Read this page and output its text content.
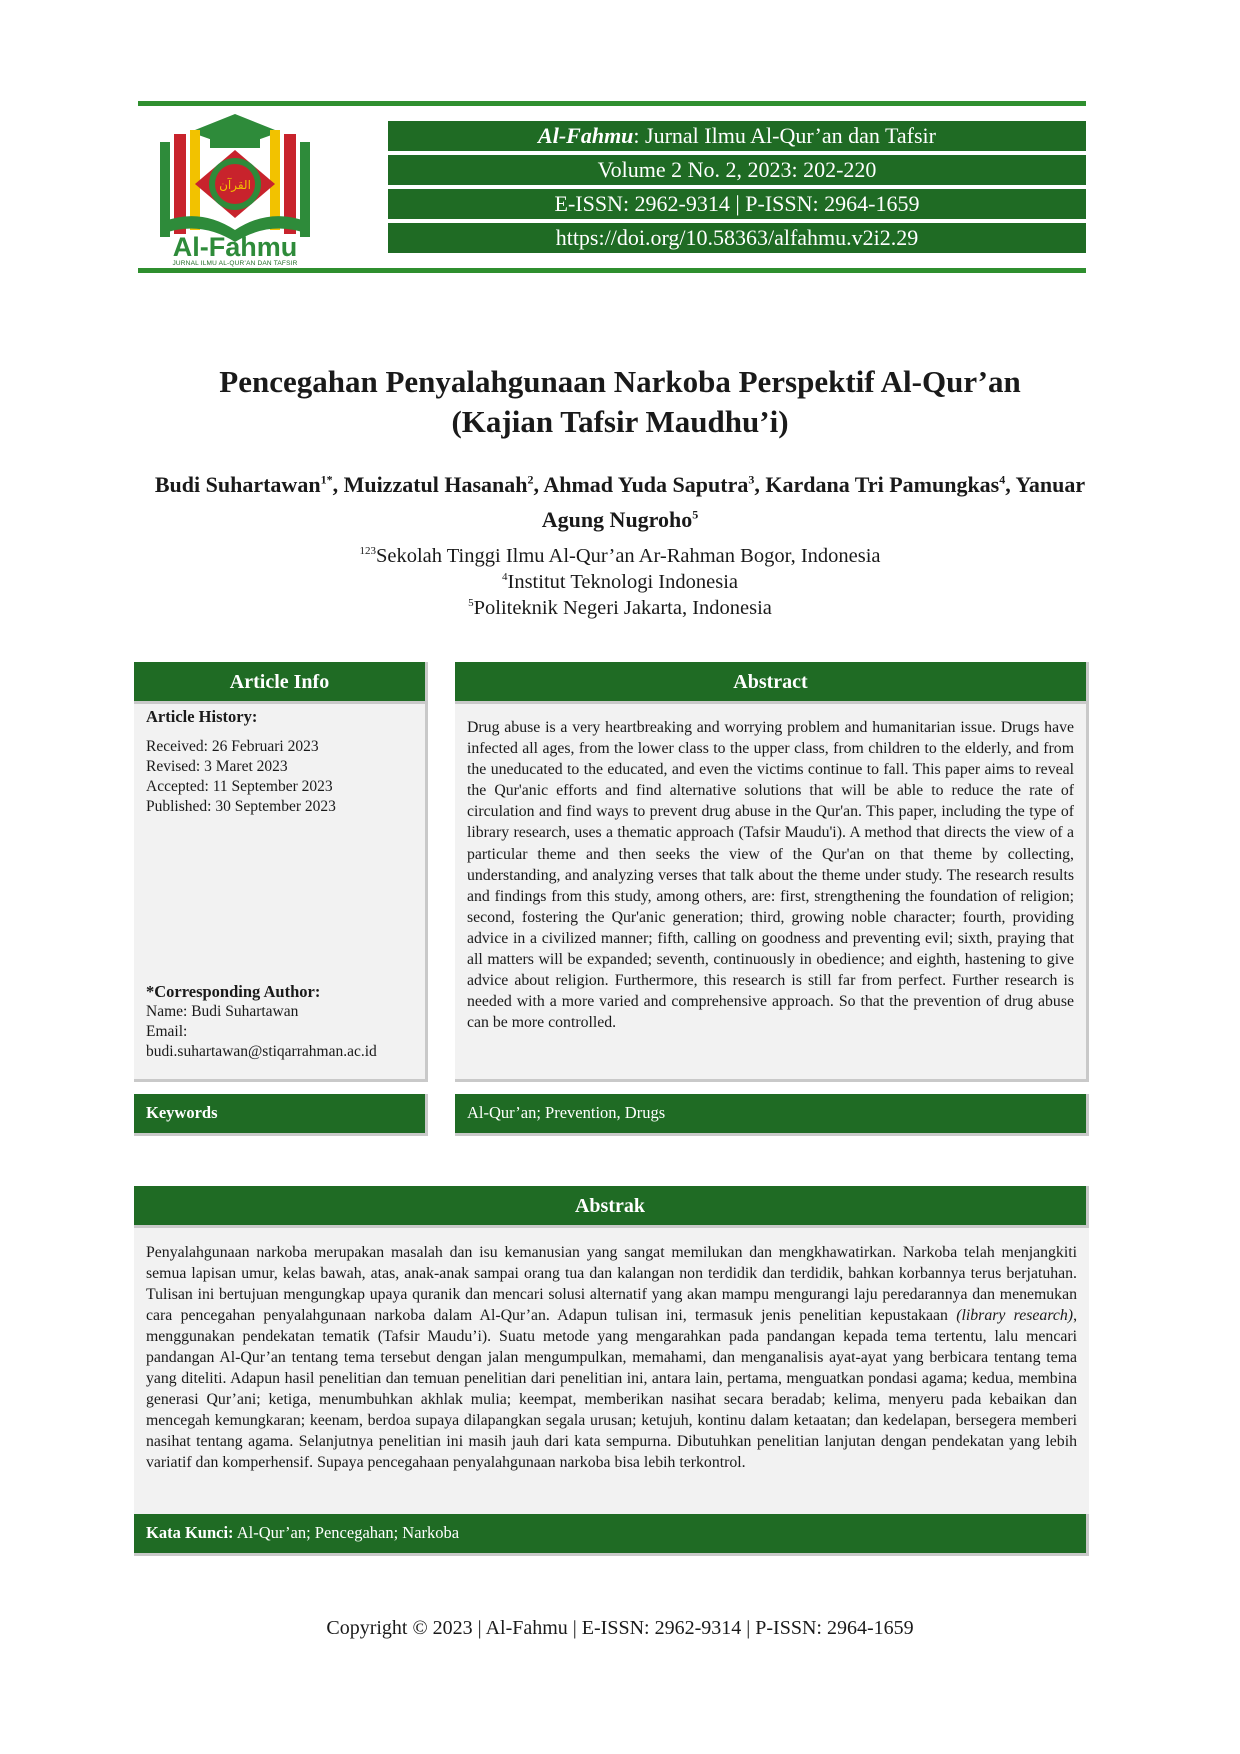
القرآن
Al-Fahmu
JURNAL ILMU AL-QUR’AN DAN TAFSIR
Al-Fahmu: Jurnal Ilmu Al-Qur’an dan Tafsir
Volume 2 No. 2, 2023: 202-220
E-ISSN: 2962-9314 | P-ISSN: 2964-1659
https://doi.org/10.58363/alfahmu.v2i2.29
Pencegahan Penyalahgunaan Narkoba Perspektif Al-Qur’an
(Kajian Tafsir Maudhu’i)
Budi Suhartawan$^{1*}$, Muizzatul Hasanah$^2$, Ahmad Yuda Saputra$^3$, Kardana Tri Pamungkas$^4$, Yanuar Agung Nugroho$^5$
$^{123}$Sekolah Tinggi Ilmu Al-Qur’an Ar-Rahman Bogor, Indonesia
$^4$Institut Teknologi Indonesia
$^5$Politeknik Negeri Jakarta, Indonesia
Article Info
Article History:
Received: 26 Februari 2023
Revised: 3 Maret 2023
Accepted: 11 September 2023
Published: 30 September 2023
*Corresponding Author:
Name: Budi Suhartawan
Email:
budi.suhartawan@stiqarrahman.ac.id
Keywords
Abstract
Drug abuse is a very heartbreaking and worrying problem and humanitarian issue. Drugs have infected all ages, from the lower class to the upper class, from children to the elderly, and from the uneducated to the educated, and even the victims continue to fall. This paper aims to reveal the Qur'anic efforts and find alternative solutions that will be able to reduce the rate of circulation and find ways to prevent drug abuse in the Qur'an. This paper, including the type of library research, uses a thematic approach (Tafsir Maudu'i). A method that directs the view of a particular theme and then seeks the view of the Qur'an on that theme by collecting, understanding, and analyzing verses that talk about the theme under study. The research results and findings from this study, among others, are: first, strengthening the foundation of religion; second, fostering the Qur'anic generation; third, growing noble character; fourth, providing advice in a civilized manner; fifth, calling on goodness and preventing evil; sixth, praying that all matters will be expanded; seventh, continuously in obedience; and eighth, hastening to give advice about religion. Furthermore, this research is still far from perfect. Further research is needed with a more varied and comprehensive approach. So that the prevention of drug abuse can be more controlled.
Al-Qur’an; Prevention, Drugs
Abstrak
Penyalahgunaan narkoba merupakan masalah dan isu kemanusian yang sangat memilukan dan mengkhawatirkan. Narkoba telah menjangkiti semua lapisan umur, kelas bawah, atas, anak-anak sampai orang tua dan kalangan non terdidik dan terdidik, bahkan korbannya terus berjatuhan. Tulisan ini bertujuan mengungkap upaya quranik dan mencari solusi alternatif yang akan mampu mengurangi laju peredarannya dan menemukan cara pencegahan penyalahgunaan narkoba dalam Al-Qur’an. Adapun tulisan ini, termasuk jenis penelitian kepustakaan (library research), menggunakan pendekatan tematik (Tafsir Maudu’i). Suatu metode yang mengarahkan pada pandangan kepada tema tertentu, lalu mencari pandangan Al-Qur’an tentang tema tersebut dengan jalan mengumpulkan, memahami, dan menganalisis ayat-ayat yang berbicara tentang tema yang diteliti. Adapun hasil penelitian dan temuan penelitian dari penelitian ini, antara lain, pertama, menguatkan pondasi agama; kedua, membina generasi Qur’ani; ketiga, menumbuhkan akhlak mulia; keempat, memberikan nasihat secara beradab; kelima, menyeru pada kebaikan dan mencegah kemungkaran; keenam, berdoa supaya dilapangkan segala urusan; ketujuh, kontinu dalam ketaatan; dan kedelapan, bersegera memberi nasihat tentang agama. Selanjutnya penelitian ini masih jauh dari kata sempurna. Dibutuhkan penelitian lanjutan dengan pendekatan yang lebih variatif dan komperhensif. Supaya pencegahaan penyalahgunaan narkoba bisa lebih terkontrol.
Kata Kunci: Al-Qur’an; Pencegahan; Narkoba
Copyright © 2023 | Al-Fahmu | E-ISSN: 2962-9314 | P-ISSN: 2964-1659
